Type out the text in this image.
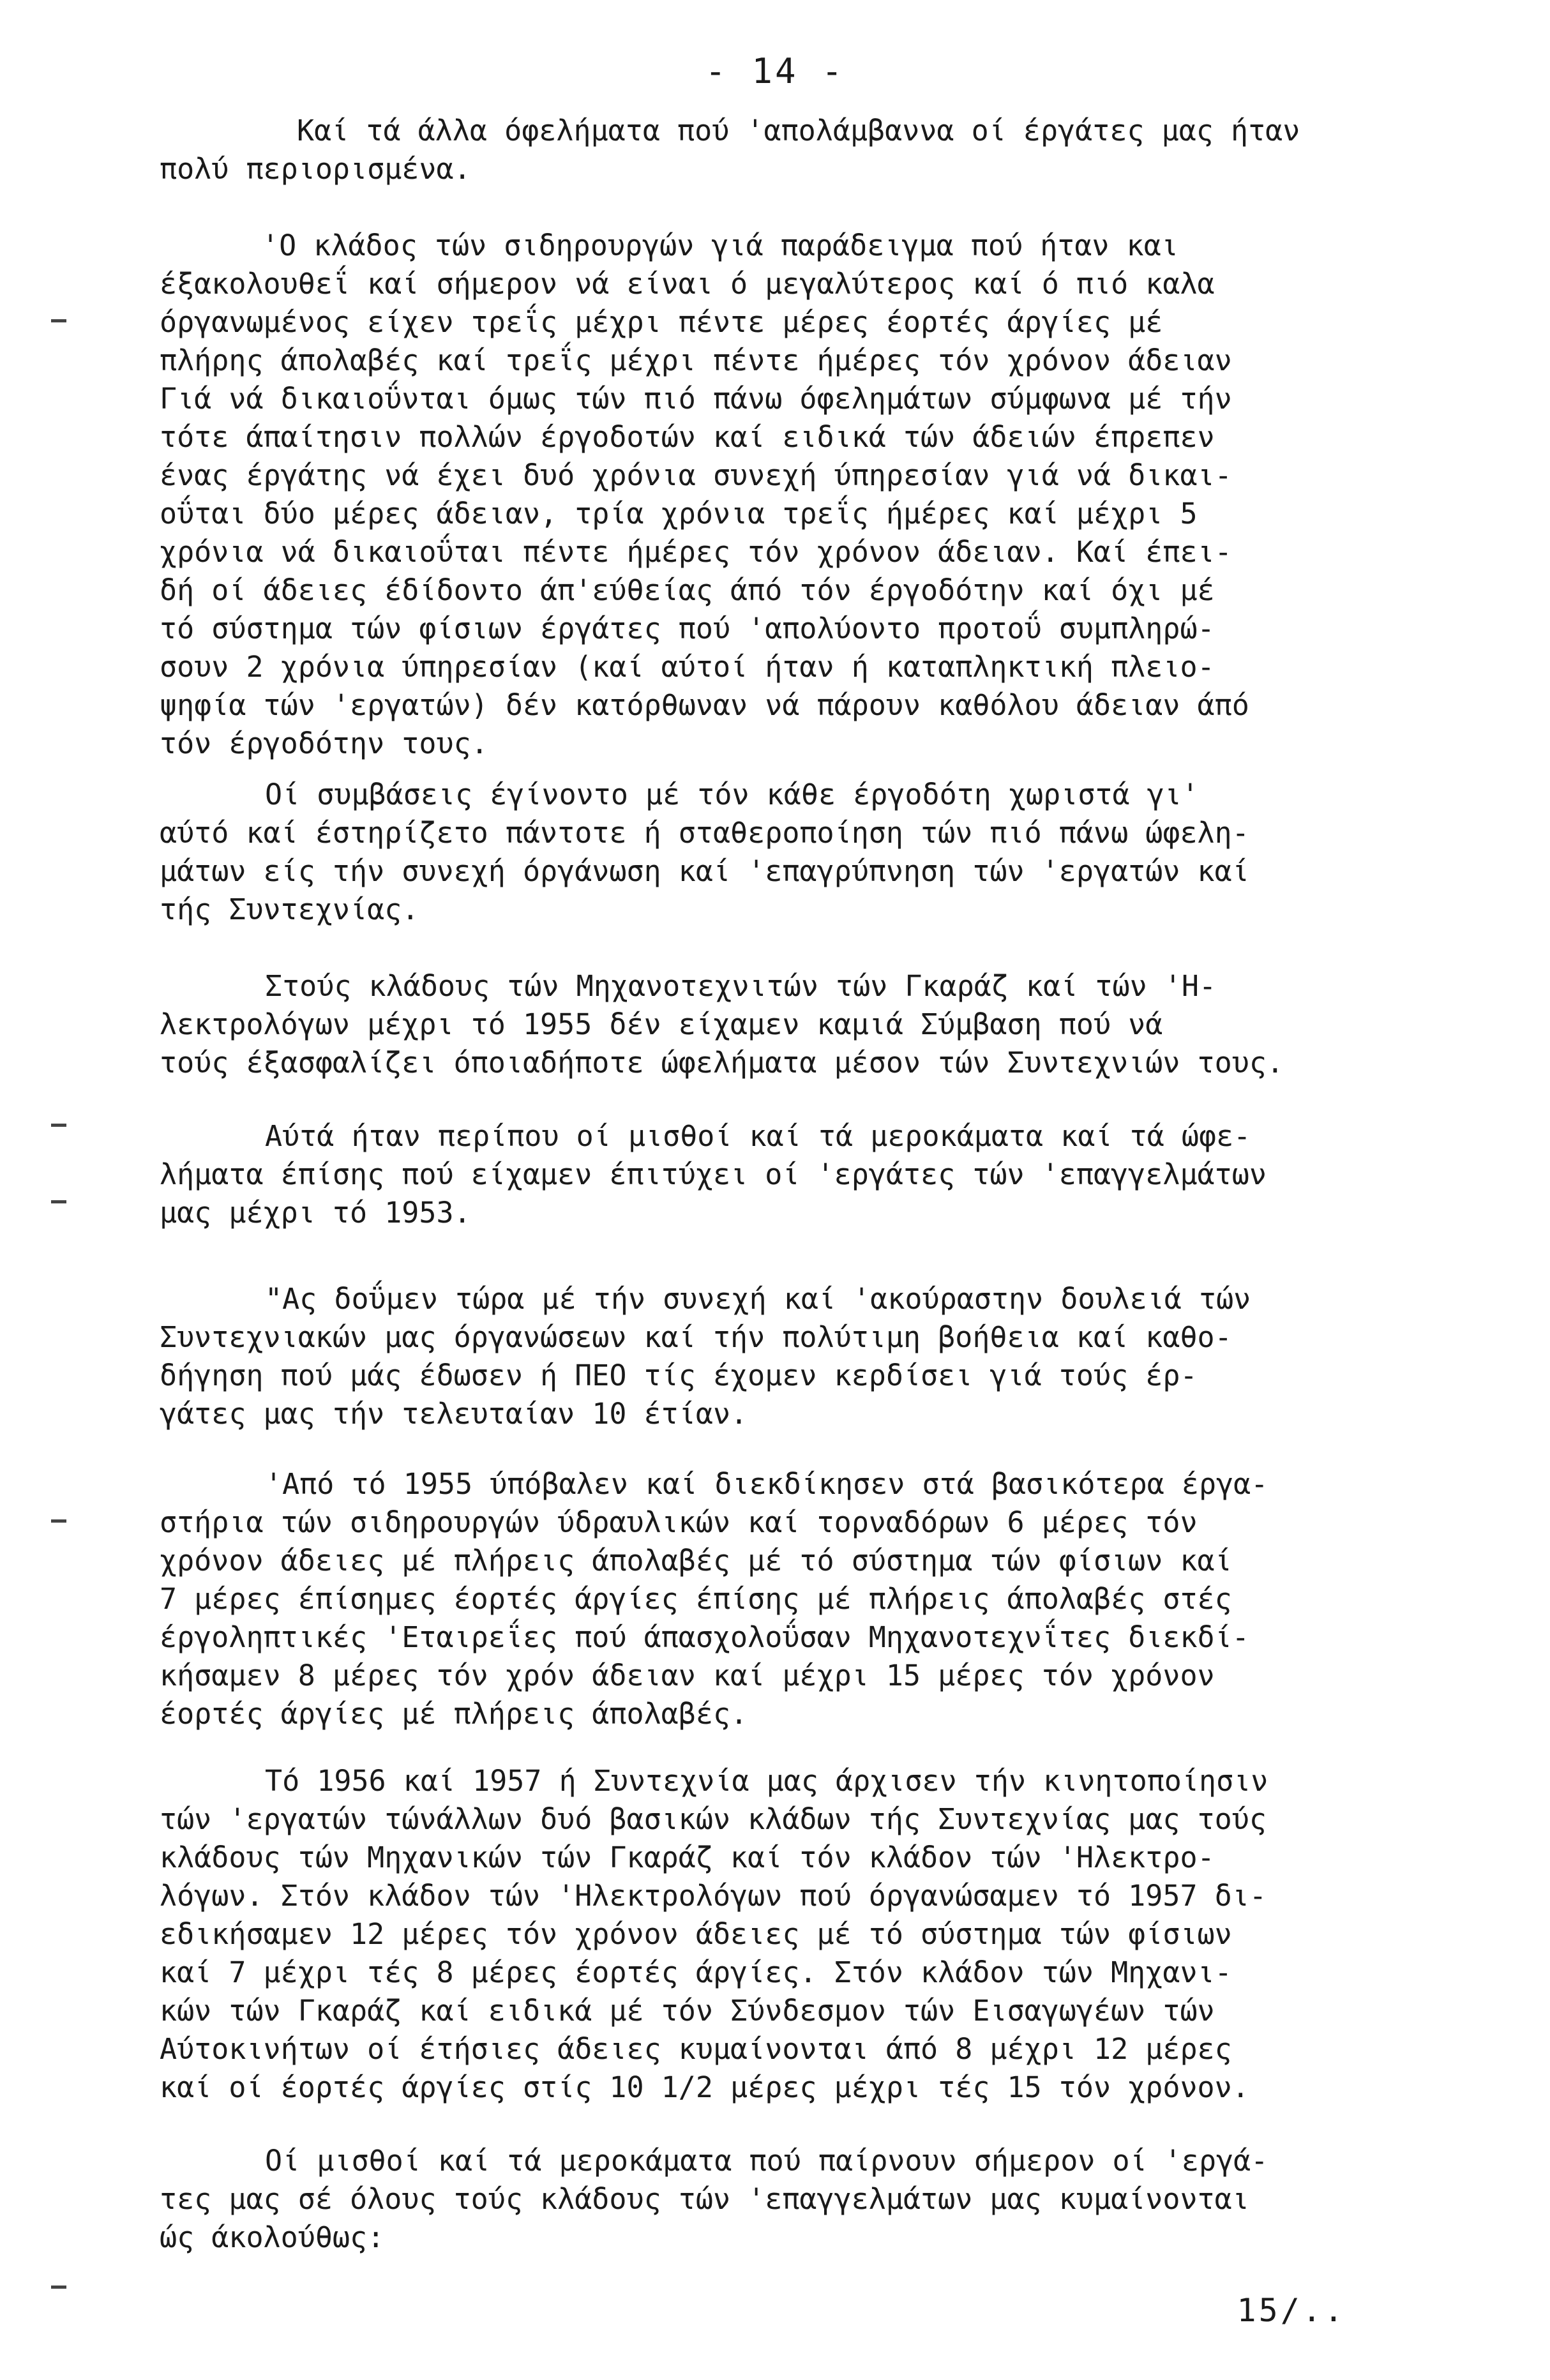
- 14 -
Καί τά άλλα όφελήματα πού 'απολάμβαννα οί έργάτες μας ήταν
πολύ περιορισμένα.
'Ο κλάδος τών σιδηρουργών γιά παράδειγμα πού ήταν και
έξακολουθεΐ καί σήμερον νά είναι ό μεγαλύτερος καί ό πιό καλα
όργανωμένος είχεν τρεΐς μέχρι πέντε μέρες έορτές άργίες μέ
πλήρης άπολαβές καί τρεΐς μέχρι πέντε ήμέρες τόν χρόνον άδειαν
Γιά νά δικαιοΰνται όμως τών πιό πάνω όφελημάτων σύμφωνα μέ τήν
τότε άπαίτησιν πολλών έργοδοτών καί ειδικά τών άδειών έπρεπεν
ένας έργάτης νά έχει δυό χρόνια συνεχή ύπηρεσίαν γιά νά δικαι-
οΰται δύο μέρες άδειαν, τρία χρόνια τρεΐς ήμέρες καί μέχρι 5
χρόνια νά δικαιοΰται πέντε ήμέρες τόν χρόνον άδειαν. Καί έπει-
δή οί άδειες έδίδοντο άπ'εύθείας άπό τόν έργοδότην καί όχι μέ
τό σύστημα τών φίσιων έργάτες πού 'απολύοντο προτοΰ συμπληρώ-
σουν 2 χρόνια ύπηρεσίαν (καί αύτοί ήταν ή καταπληκτική πλειο-
ψηφία τών 'εργατών) δέν κατόρθωναν νά πάρουν καθόλου άδειαν άπό
τόν έργοδότην τους.
Οί συμβάσεις έγίνοντο μέ τόν κάθε έργοδότη χωριστά γι'
αύτό καί έστηρίζετο πάντοτε ή σταθεροποίηση τών πιό πάνω ώφελη-
μάτων είς τήν συνεχή όργάνωση καί 'επαγρύπνηση τών 'εργατών καί
τής Συντεχνίας.
Στούς κλάδους τών Μηχανοτεχνιτών τών Γκαράζ καί τών 'Η-
λεκτρολόγων μέχρι τό 1955 δέν είχαμεν καμιά Σύμβαση πού νά
τούς έξασφαλίζει όποιαδήποτε ώφελήματα μέσον τών Συντεχνιών τους.
Αύτά ήταν περίπου οί μισθοί καί τά μεροκάματα καί τά ώφε-
λήματα έπίσης πού είχαμεν έπιτύχει οί 'εργάτες τών 'επαγγελμάτων
μας μέχρι τό 1953.
"Ας δοΰμεν τώρα μέ τήν συνεχή καί 'ακούραστην δουλειά τών
Συντεχνιακών μας όργανώσεων καί τήν πολύτιμη βοήθεια καί καθο-
δήγηση πού μάς έδωσεν ή ΠΕΟ τίς έχομεν κερδίσει γιά τούς έρ-
γάτες μας τήν τελευταίαν 10 έτίαν.
'Από τό 1955 ύπόβαλεν καί διεκδίκησεν στά βασικότερα έργα-
στήρια τών σιδηρουργών ύδραυλικών καί τορναδόρων 6 μέρες τόν
χρόνον άδειες μέ πλήρεις άπολαβές μέ τό σύστημα τών φίσιων καί
7 μέρες έπίσημες έορτές άργίες έπίσης μέ πλήρεις άπολαβές στές
έργοληπτικές 'Εταιρεΐες πού άπασχολοΰσαν Μηχανοτεχνΐτες διεκδί-
κήσαμεν 8 μέρες τόν χρόν άδειαν καί μέχρι 15 μέρες τόν χρόνον
έορτές άργίες μέ πλήρεις άπολαβές.
Τό 1956 καί 1957 ή Συντεχνία μας άρχισεν τήν κινητοποίησιν
τών 'εργατών τώνάλλων δυό βασικών κλάδων τής Συντεχνίας μας τούς
κλάδους τών Μηχανικών τών Γκαράζ καί τόν κλάδον τών 'Ηλεκτρο-
λόγων. Στόν κλάδον τών 'Ηλεκτρολόγων πού όργανώσαμεν τό 1957 δι-
εδικήσαμεν 12 μέρες τόν χρόνον άδειες μέ τό σύστημα τών φίσιων
καί 7 μέχρι τές 8 μέρες έορτές άργίες. Στόν κλάδον τών Μηχανι-
κών τών Γκαράζ καί ειδικά μέ τόν Σύνδεσμον τών Εισαγωγέων τών
Αύτοκινήτων οί έτήσιες άδειες κυμαίνονται άπό 8 μέχρι 12 μέρες
καί οί έορτές άργίες στίς 10 1/2 μέρες μέχρι τές 15 τόν χρόνον.
Οί μισθοί καί τά μεροκάματα πού παίρνουν σήμερον οί 'εργά-
τες μας σέ όλους τούς κλάδους τών 'επαγγελμάτων μας κυμαίνονται
ώς άκολούθως:
15/..
